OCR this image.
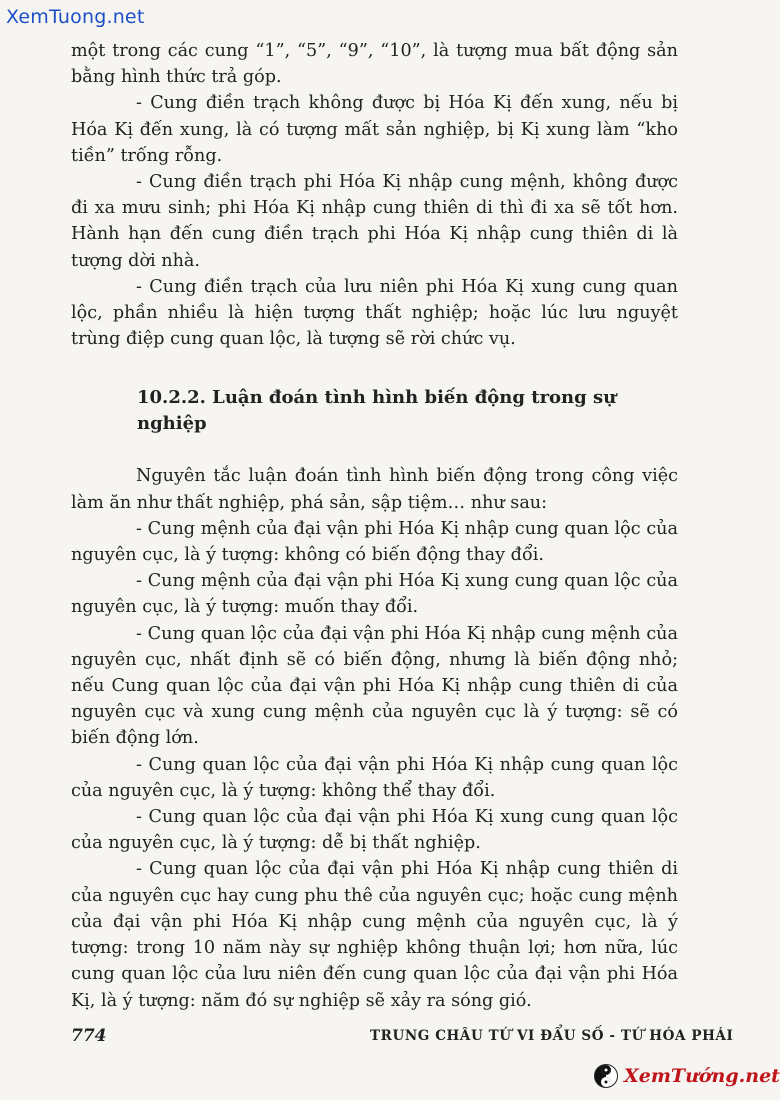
XemTuong.net

một trong các cung “1”, “5”, “9”, “10”, là tượng mua bất động sản bằng hình thức trả góp.

- Cung điền trạch không được bị Hóa Kị đến xung, nếu bị Hóa Kị đến xung, là có tượng mất sản nghiệp, bị Kị xung làm “kho tiền” trống rỗng.

- Cung điền trạch phi Hóa Kị nhập cung mệnh, không được đi xa mưu sinh; phi Hóa Kị nhập cung thiên di thì đi xa sẽ tốt hơn. Hành hạn đến cung điền trạch phi Hóa Kị nhập cung thiên di là tượng dời nhà.

- Cung điền trạch của lưu niên phi Hóa Kị xung cung quan lộc, phần nhiều là hiện tượng thất nghiệp; hoặc lúc lưu nguyệt trùng điệp cung quan lộc, là tượng sẽ rời chức vụ.

10.2.2. Luận đoán tình hình biến động trong sự nghiệp

Nguyên tắc luận đoán tình hình biến động trong công việc làm ăn như thất nghiệp, phá sản, sập tiệm… như sau:

- Cung mệnh của đại vận phi Hóa Kị nhập cung quan lộc của nguyên cục, là ý tượng: không có biến động thay đổi.

- Cung mệnh của đại vận phi Hóa Kị xung cung quan lộc của nguyên cục, là ý tượng: muốn thay đổi.

- Cung quan lộc của đại vận phi Hóa Kị nhập cung mệnh của nguyên cục, nhất định sẽ có biến động, nhưng là biến động nhỏ; nếu Cung quan lộc của đại vận phi Hóa Kị nhập cung thiên di của nguyên cục và xung cung mệnh của nguyên cục là ý tượng: sẽ có biến động lớn.

- Cung quan lộc của đại vận phi Hóa Kị nhập cung quan lộc của nguyên cục, là ý tượng: không thể thay đổi.

- Cung quan lộc của đại vận phi Hóa Kị xung cung quan lộc của nguyên cục, là ý tượng: dễ bị thất nghiệp.

- Cung quan lộc của đại vận phi Hóa Kị nhập cung thiên di của nguyên cục hay cung phu thê của nguyên cục; hoặc cung mệnh của đại vận phi Hóa Kị nhập cung mệnh của nguyên cục, là ý tượng: trong 10 năm này sự nghiệp không thuận lợi; hơn nữa, lúc cung quan lộc của lưu niên đến cung quan lộc của đại vận phi Hóa Kị, là ý tượng: năm đó sự nghiệp sẽ xảy ra sóng gió.

774	TRUNG CHÂU TỨ VI ĐẨU SỐ - TỨ HÓA PHÁI
XemTướng.net
